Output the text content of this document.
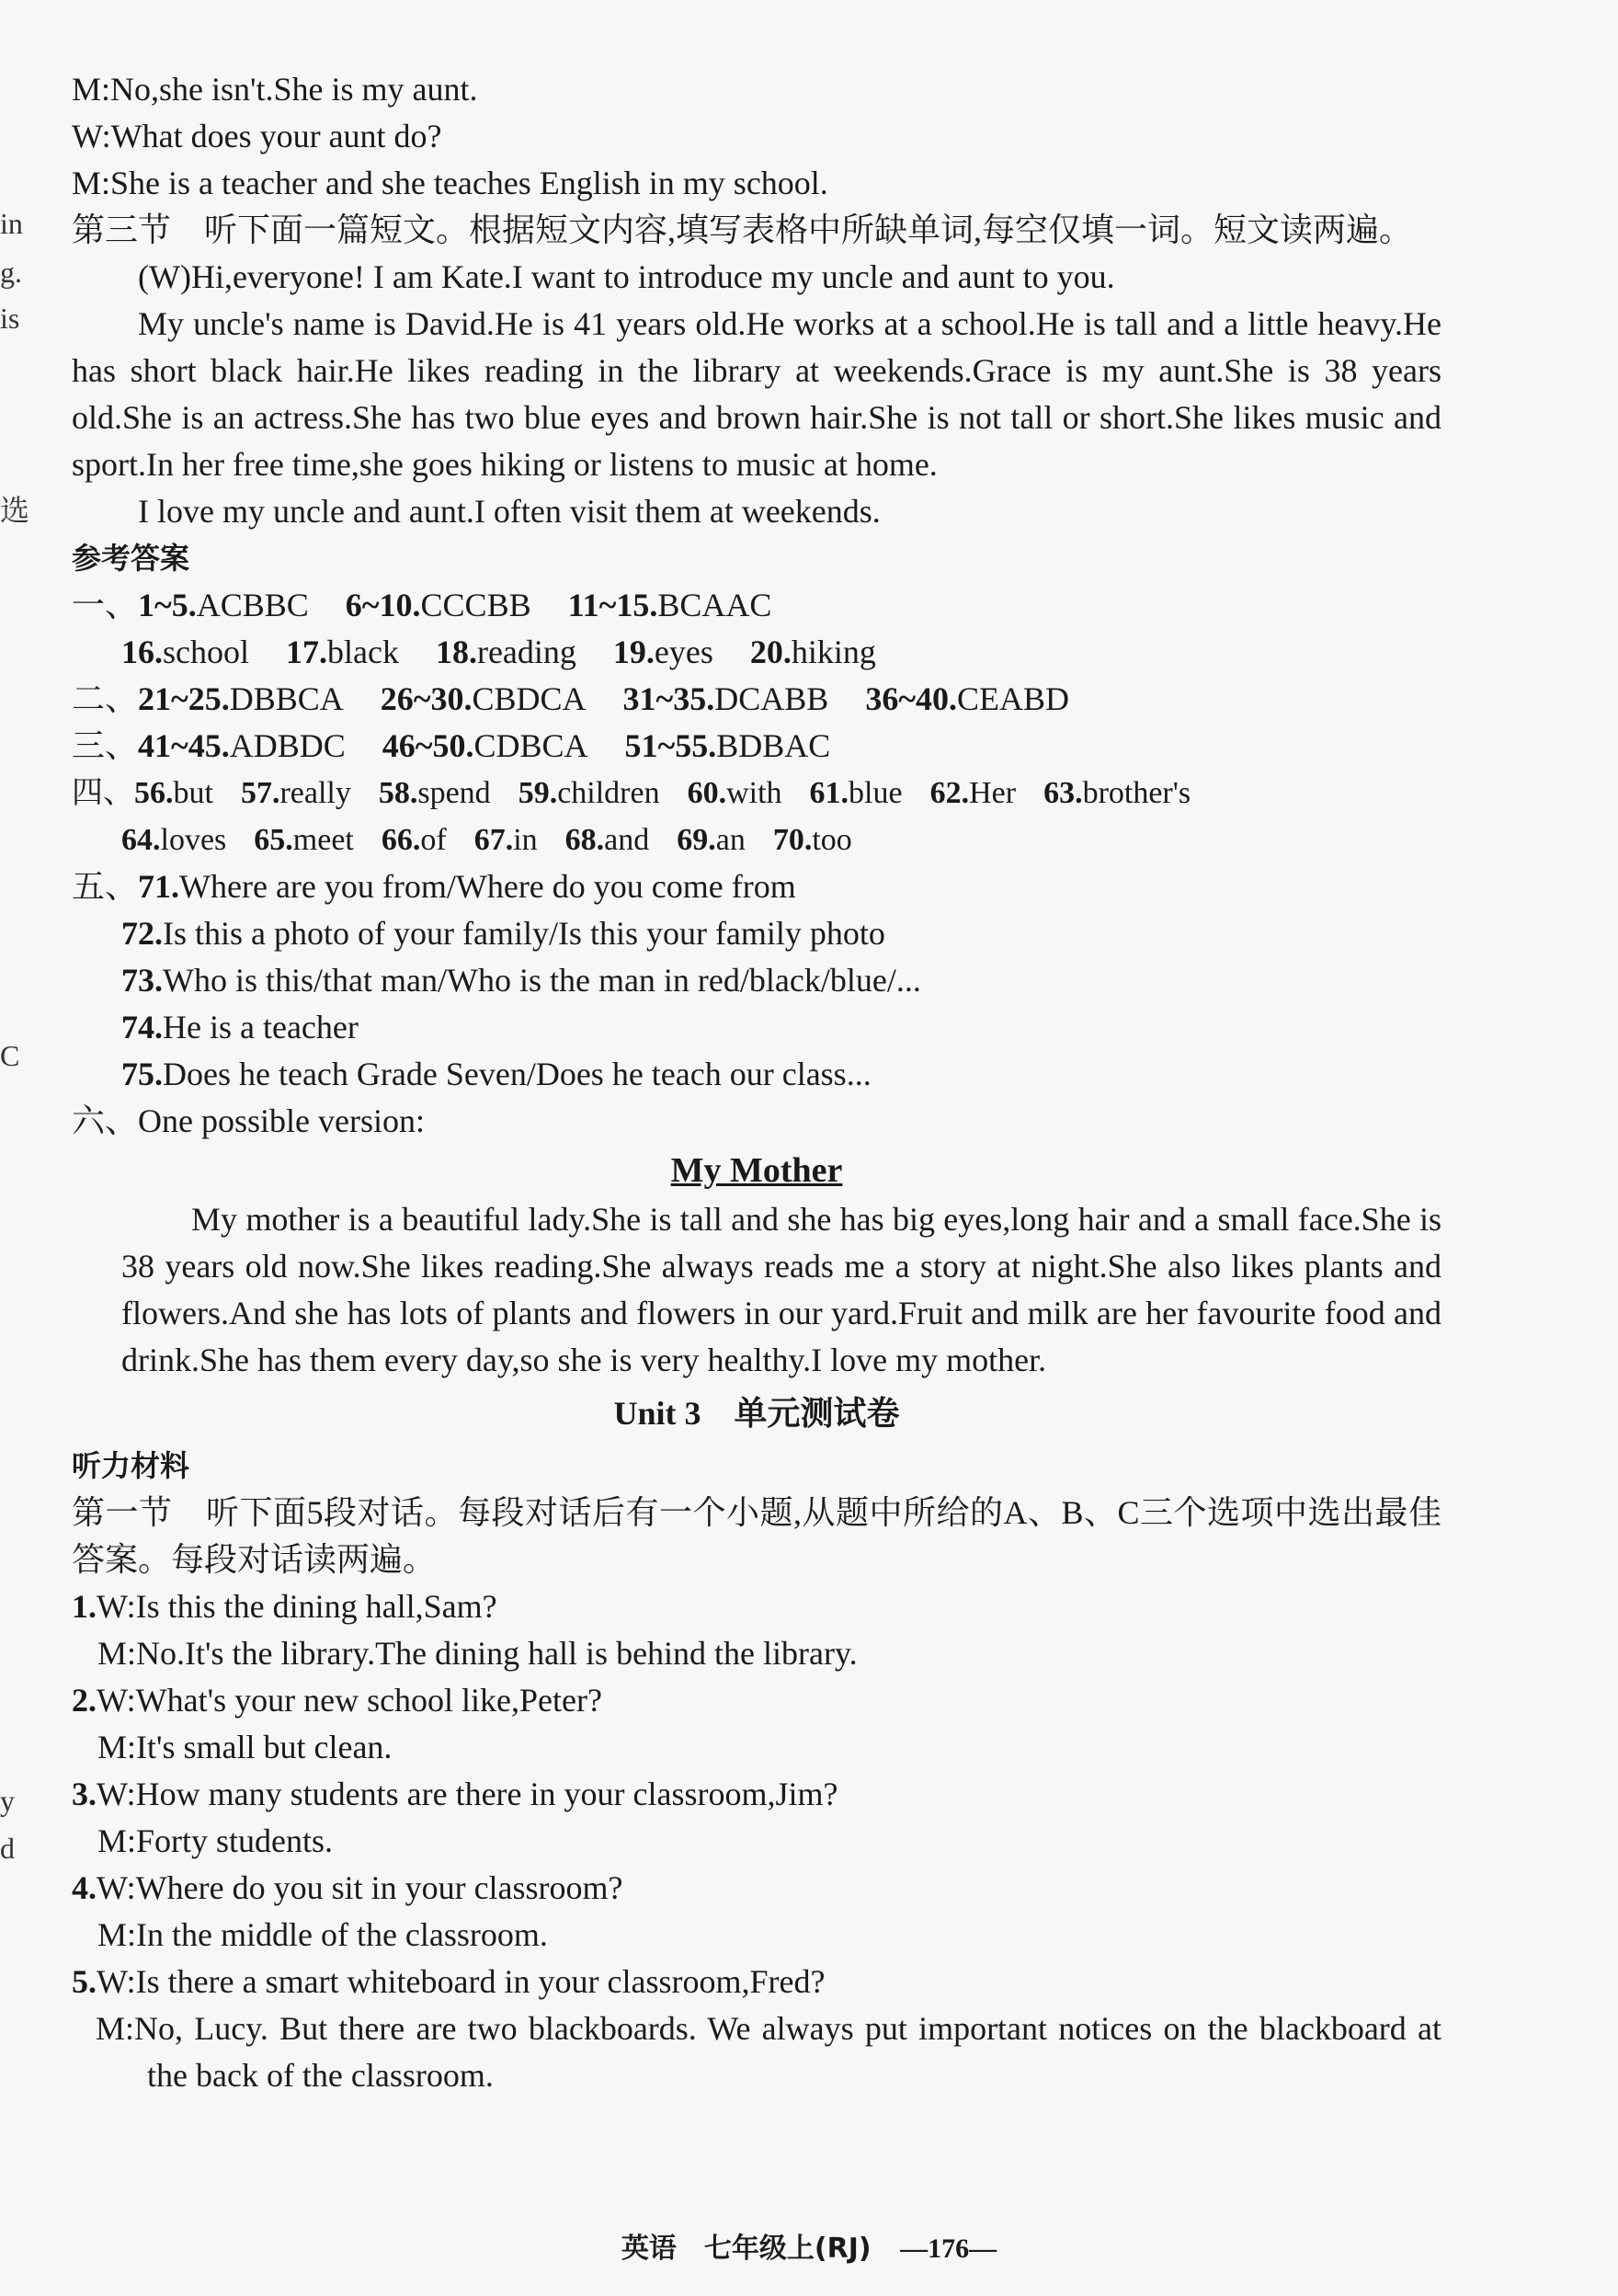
in
g.
is
选
C
y
d
M:No,she isn't.She is my aunt.
W:What does your aunt do?
M:She is a teacher and she teaches English in my school.
第三节　听下面一篇短文。根据短文内容,填写表格中所缺单词,每空仅填一词。短文读两遍。
(W)Hi,everyone! I am Kate.I want to introduce my uncle and aunt to you.
My uncle's name is David.He is 41 years old.He works at a school.He is tall and a little heavy.He has short black hair.He likes reading in the library at weekends.Grace is my aunt.She is 38 years old.She is an actress.She has two blue eyes and brown hair.She is not tall or short.She likes music and sport.In her free time,she goes hiking or listens to music at home.
I love my uncle and aunt.I often visit them at weekends.
参考答案
一、1~5.ACBBC 6~10.CCCBB 11~15.BCAAC
16.school 17.black 18.reading 19.eyes 20.hiking
二、21~25.DBBCA 26~30.CBDCA 31~35.DCABB 36~40.CEABD
三、41~45.ADBDC 46~50.CDBCA 51~55.BDBAC
四、56.but 57.really 58.spend 59.children 60.with 61.blue 62.Her 63.brother's
64.loves 65.meet 66.of 67.in 68.and 69.an 70.too
五、71.Where are you from/Where do you come from
72.Is this a photo of your family/Is this your family photo
73.Who is this/that man/Who is the man in red/black/blue/...
74.He is a teacher
75.Does he teach Grade Seven/Does he teach our class...
六、One possible version:
My Mother
My mother is a beautiful lady.She is tall and she has big eyes,long hair and a small face.She is 38 years old now.She likes reading.She always reads me a story at night.She also likes plants and flowers.And she has lots of plants and flowers in our yard.Fruit and milk are her favourite food and drink.She has them every day,so she is very healthy.I love my mother.
Unit 3　单元测试卷
听力材料
第一节　听下面5段对话。每段对话后有一个小题,从题中所给的A、B、C三个选项中选出最佳答案。每段对话读两遍。
1.W:Is this the dining hall,Sam?
M:No.It's the library.The dining hall is behind the library.
2.W:What's your new school like,Peter?
M:It's small but clean.
3.W:How many students are there in your classroom,Jim?
M:Forty students.
4.W:Where do you sit in your classroom?
M:In the middle of the classroom.
5.W:Is there a smart whiteboard in your classroom,Fred?
M:No, Lucy. But there are two blackboards. We always put important notices on the blackboard at the back of the classroom.
英语　七年级上(RJ) —176—
